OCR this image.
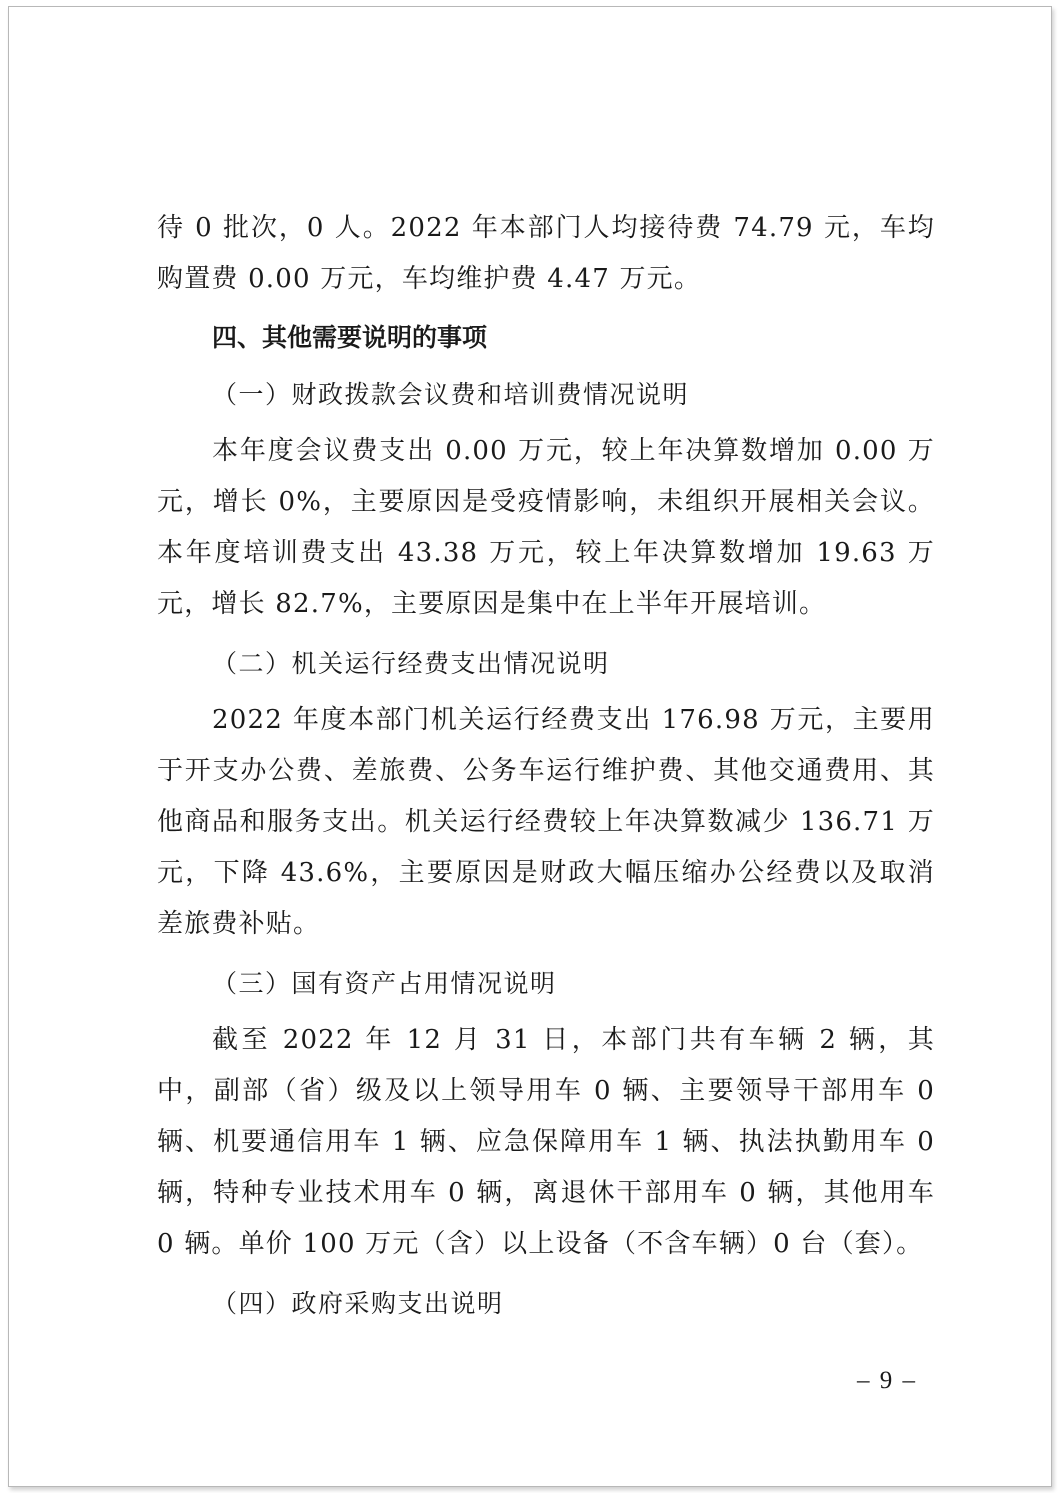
待 0 批次，0 人。2022 年本部门人均接待费 74.79 元，车均购置费 0.00 万元，车均维护费 4.47 万元。

四、其他需要说明的事项

（一）财政拨款会议费和培训费情况说明

本年度会议费支出 0.00 万元，较上年决算数增加 0.00 万元，增长 0%，主要原因是受疫情影响，未组织开展相关会议。本年度培训费支出 43.38 万元，较上年决算数增加 19.63 万元，增长 82.7%，主要原因是集中在上半年开展培训。

（二）机关运行经费支出情况说明

2022 年度本部门机关运行经费支出 176.98 万元，主要用于开支办公费、差旅费、公务车运行维护费、其他交通费用、其他商品和服务支出。机关运行经费较上年决算数减少 136.71 万元，下降 43.6%，主要原因是财政大幅压缩办公经费以及取消差旅费补贴。

（三）国有资产占用情况说明

截至 2022 年 12 月 31 日，本部门共有车辆 2 辆，其中，副部（省）级及以上领导用车 0 辆、主要领导干部用车 0 辆、机要通信用车 1 辆、应急保障用车 1 辆、执法执勤用车 0 辆，特种专业技术用车 0 辆，离退休干部用车 0 辆，其他用车 0 辆。单价 100 万元（含）以上设备（不含车辆）0 台（套）。

（四）政府采购支出说明

– 9 –
